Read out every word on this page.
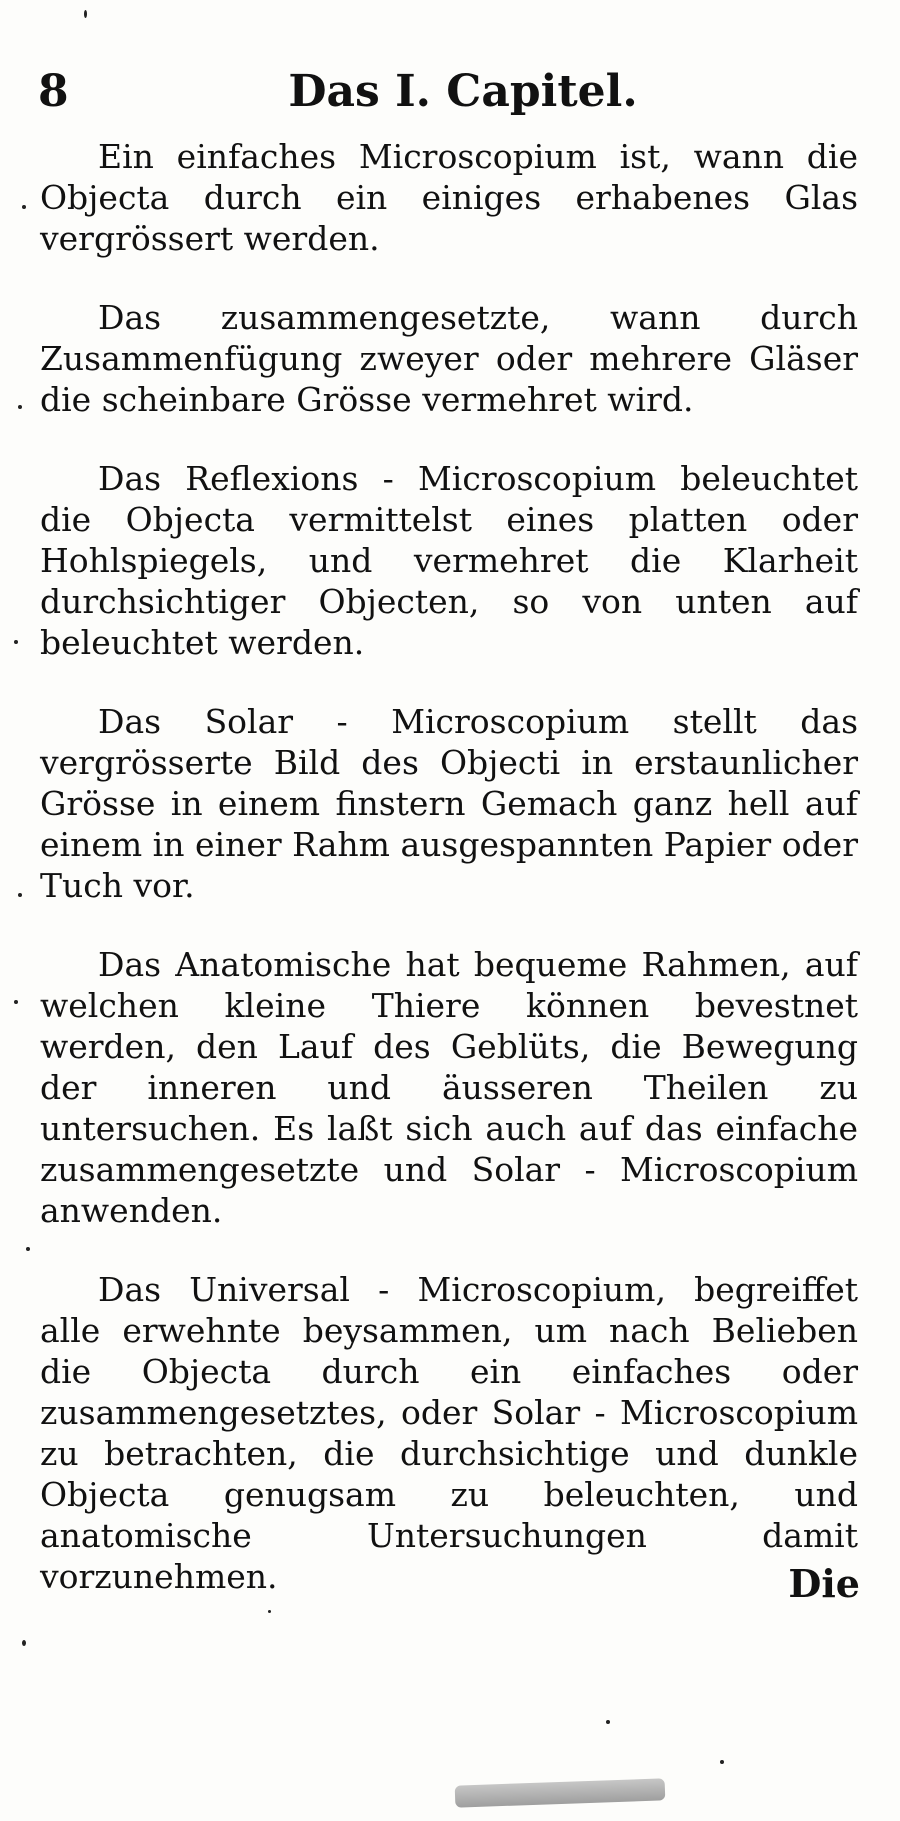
8	Das I. Capitel.

Ein einfaches Microscopium ist, wann die Objecta durch ein einiges erhabenes Glas vergrössert werden.

Das zusammengesetzte, wann durch Zusammenfügung zweyer oder mehrere Gläser die scheinbare Grösse vermehret wird.

Das Reflexions - Microscopium beleuchtet die Objecta vermittelst eines platten oder Hohlspiegels, und vermehret die Klarheit durchsichtiger Objecten, so von unten auf beleuchtet werden.

Das Solar - Microscopium stellt das vergrösserte Bild des Objecti in erstaunlicher Grösse in einem finstern Gemach ganz hell auf einem in einer Rahm ausgespannten Papier oder Tuch vor.

Das Anatomische hat bequeme Rahmen, auf welchen kleine Thiere können bevestnet werden, den Lauf des Geblüts, die Bewegung der inneren und äusseren Theilen zu untersuchen. Es laßt sich auch auf das einfache zusammengesetzte und Solar - Microscopium anwenden.

Das Universal - Microscopium, begreiffet alle erwehnte beysammen, um nach Belieben die Objecta durch ein einfaches oder zusammengesetztes, oder Solar - Microscopium zu betrachten, die durchsichtige und dunkle Objecta genugsam zu beleuchten, und anatomische Untersuchungen damit vorzunehmen.	Die
